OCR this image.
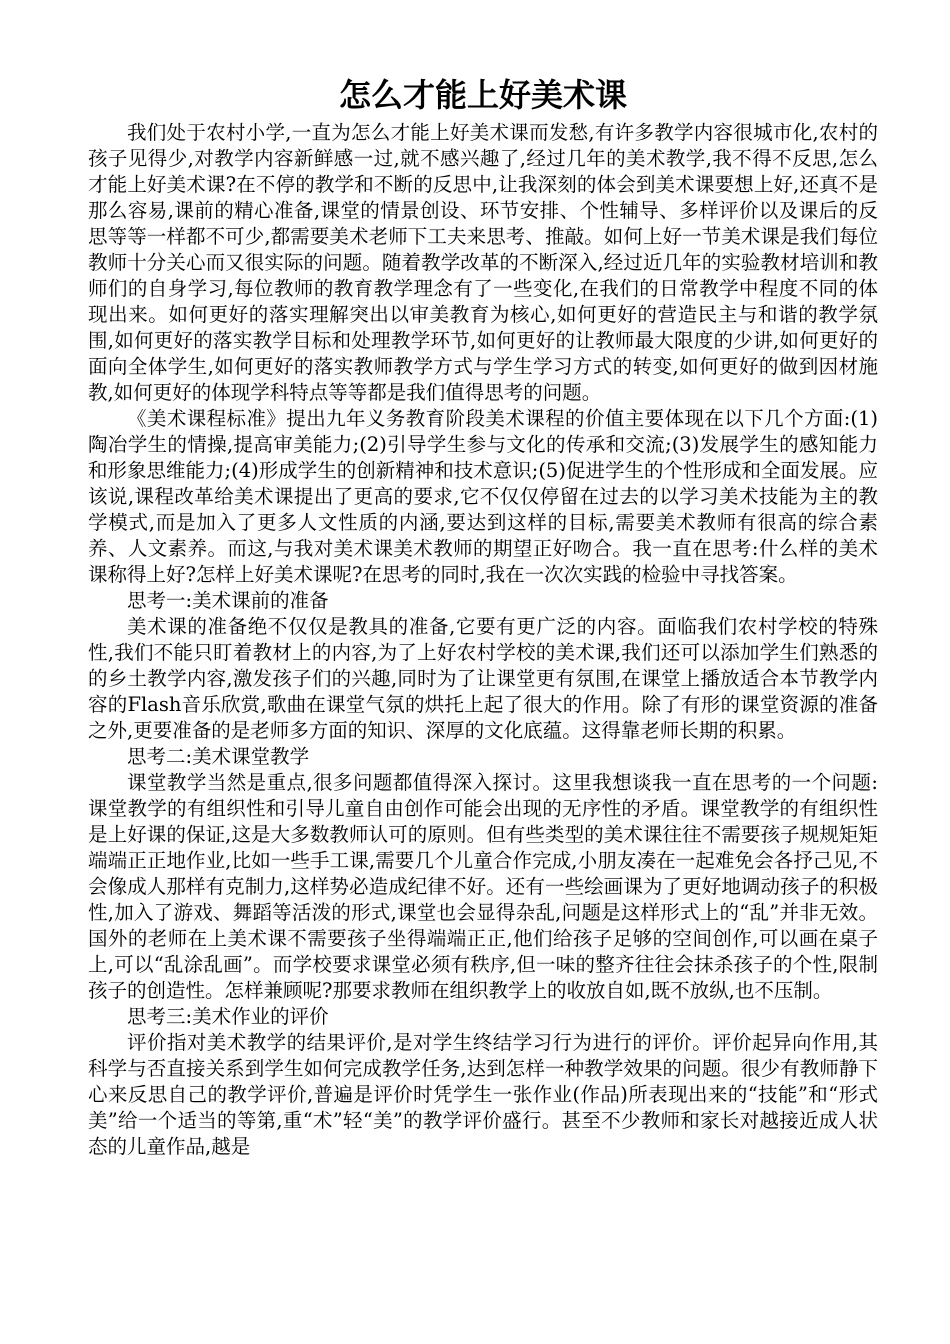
怎么才能上好美术课

我们处于农村小学,一直为怎么才能上好美术课而发愁,有许多教学内容很城市化,农村的孩子见得少,对教学内容新鲜感一过,就不感兴趣了,经过几年的美术教学,我不得不反思,怎么才能上好美术课?在不停的教学和不断的反思中,让我深刻的体会到美术课要想上好,还真不是那么容易,课前的精心准备,课堂的情景创设、环节安排、个性辅导、多样评价以及课后的反思等等一样都不可少,都需要美术老师下工夫来思考、推敲。如何上好一节美术课是我们每位教师十分关心而又很实际的问题。随着教学改革的不断深入,经过近几年的实验教材培训和教师们的自身学习,每位教师的教育教学理念有了一些变化,在我们的日常教学中程度不同的体现出来。如何更好的落实理解突出以审美教育为核心,如何更好的营造民主与和谐的教学氛围,如何更好的落实教学目标和处理教学环节,如何更好的让教师最大限度的少讲,如何更好的面向全体学生,如何更好的落实教师教学方式与学生学习方式的转变,如何更好的做到因材施教,如何更好的体现学科特点等等都是我们值得思考的问题。

《美术课程标准》提出九年义务教育阶段美术课程的价值主要体现在以下几个方面:(1)陶冶学生的情操,提高审美能力;(2)引导学生参与文化的传承和交流;(3)发展学生的感知能力和形象思维能力;(4)形成学生的创新精神和技术意识;(5)促进学生的个性形成和全面发展。应该说,课程改革给美术课提出了更高的要求,它不仅仅停留在过去的以学习美术技能为主的教学模式,而是加入了更多人文性质的内涵,要达到这样的目标,需要美术教师有很高的综合素养、人文素养。而这,与我对美术课美术教师的期望正好吻合。我一直在思考:什么样的美术课称得上好?怎样上好美术课呢?在思考的同时,我在一次次实践的检验中寻找答案。

思考一:美术课前的准备

美术课的准备绝不仅仅是教具的准备,它要有更广泛的内容。面临我们农村学校的特殊性,我们不能只盯着教材上的内容,为了上好农村学校的美术课,我们还可以添加学生们熟悉的的乡土教学内容,激发孩子们的兴趣,同时为了让课堂更有氛围,在课堂上播放适合本节教学内容的Flash音乐欣赏,歌曲在课堂气氛的烘托上起了很大的作用。除了有形的课堂资源的准备之外,更要准备的是老师多方面的知识、深厚的文化底蕴。这得靠老师长期的积累。

思考二:美术课堂教学

课堂教学当然是重点,很多问题都值得深入探讨。这里我想谈我一直在思考的一个问题:课堂教学的有组织性和引导儿童自由创作可能会出现的无序性的矛盾。课堂教学的有组织性是上好课的保证,这是大多数教师认可的原则。但有些类型的美术课往往不需要孩子规规矩矩端端正正地作业,比如一些手工课,需要几个儿童合作完成,小朋友凑在一起难免会各抒己见,不会像成人那样有克制力,这样势必造成纪律不好。还有一些绘画课为了更好地调动孩子的积极性,加入了游戏、舞蹈等活泼的形式,课堂也会显得杂乱,问题是这样形式上的“乱”并非无效。国外的老师在上美术课不需要孩子坐得端端正正,他们给孩子足够的空间创作,可以画在桌子上,可以“乱涂乱画”。而学校要求课堂必须有秩序,但一味的整齐往往会抹杀孩子的个性,限制孩子的创造性。怎样兼顾呢?那要求教师在组织教学上的收放自如,既不放纵,也不压制。

思考三:美术作业的评价

评价指对美术教学的结果评价,是对学生终结学习行为进行的评价。评价起异向作用,其科学与否直接关系到学生如何完成教学任务,达到怎样一种教学效果的问题。很少有教师静下心来反思自己的教学评价,普遍是评价时凭学生一张作业(作品)所表现出来的“技能”和“形式美”给一个适当的等第,重“术”轻“美”的教学评价盛行。甚至不少教师和家长对越接近成人状态的儿童作品,越是
